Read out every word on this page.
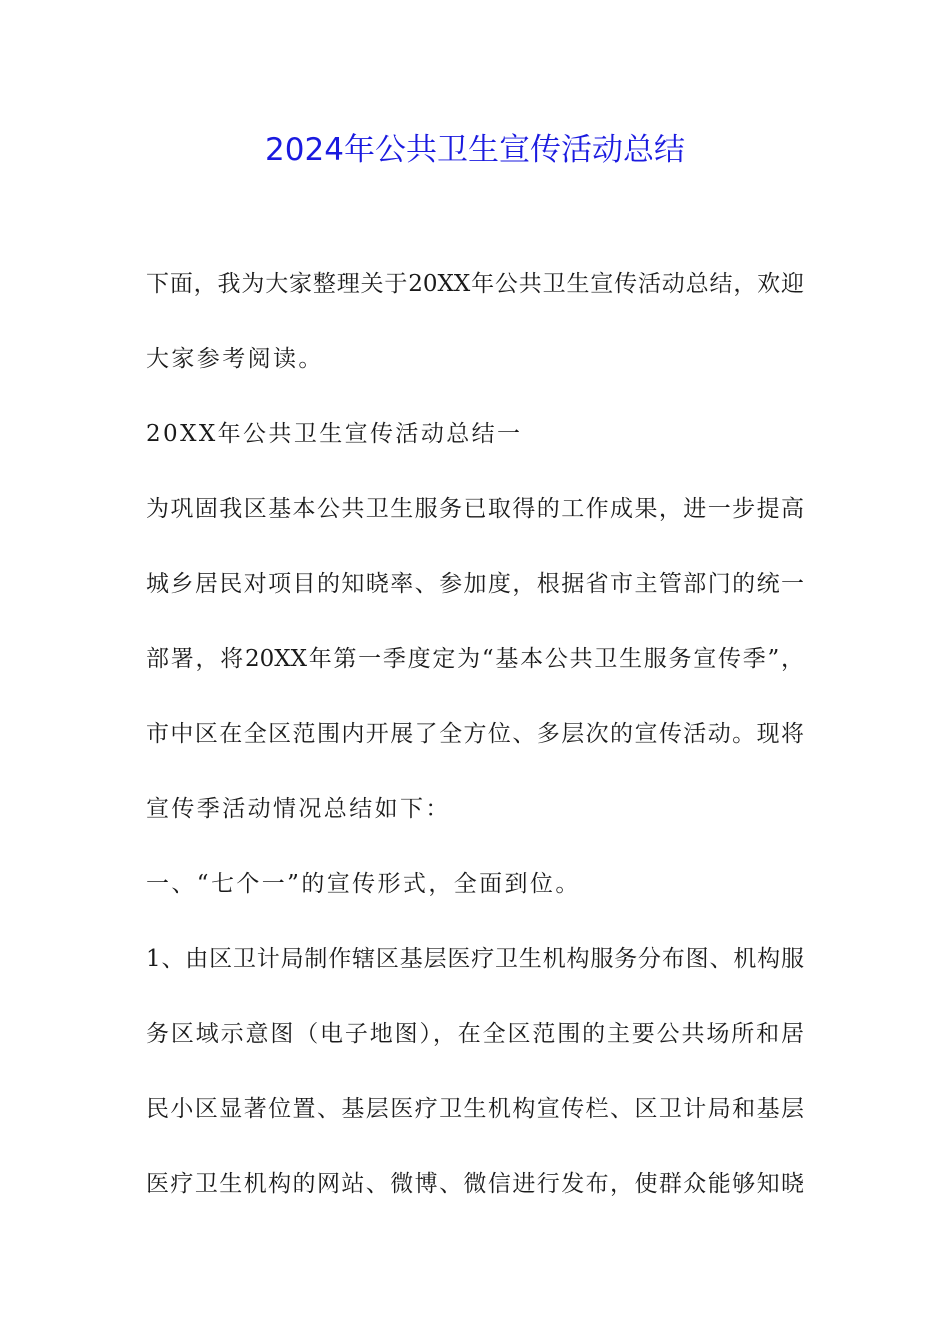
2024年公共卫生宣传活动总结
下面，我为大家整理关于20XX年公共卫生宣传活动总结，欢迎
大家参考阅读。
20XX年公共卫生宣传活动总结一
为巩固我区基本公共卫生服务已取得的工作成果，进一步提高
城乡居民对项目的知晓率、参加度，根据省市主管部门的统一
部署，将20XX年第一季度定为“基本公共卫生服务宣传季”，
市中区在全区范围内开展了全方位、多层次的宣传活动。现将
宣传季活动情况总结如下：
一、“七个一”的宣传形式，全面到位。
1、由区卫计局制作辖区基层医疗卫生机构服务分布图、机构服
务区域示意图（电子地图），在全区范围的主要公共场所和居
民小区显著位置、基层医疗卫生机构宣传栏、区卫计局和基层
医疗卫生机构的网站、微博、微信进行发布，使群众能够知晓
